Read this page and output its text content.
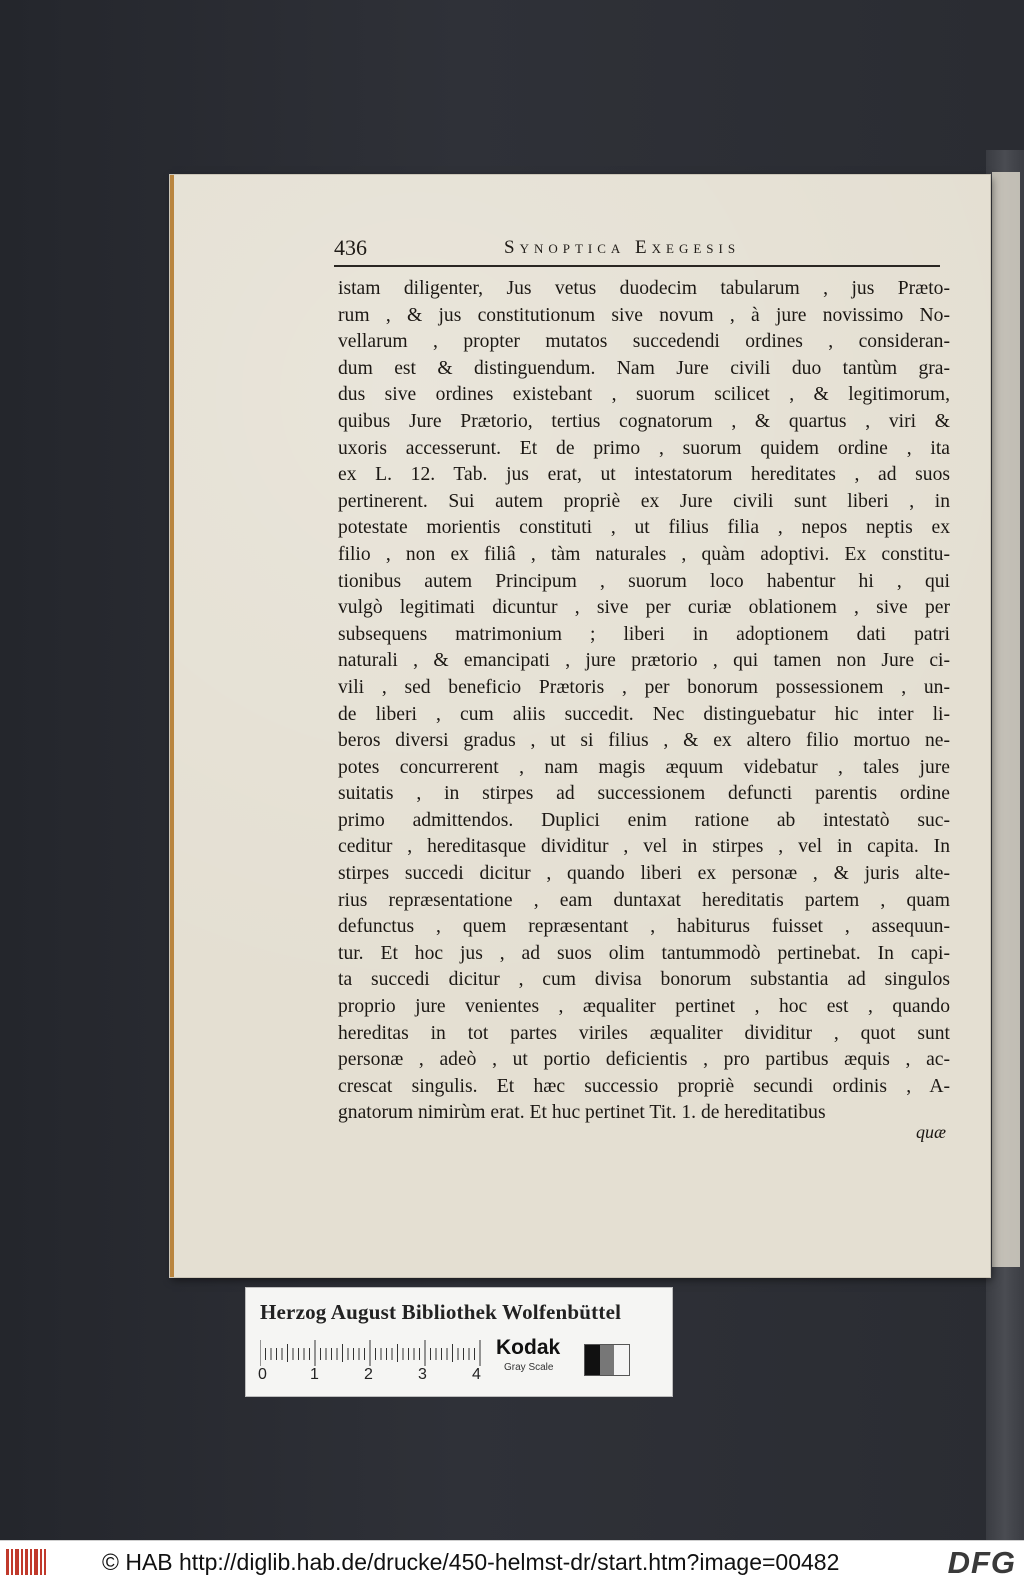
436	Synoptica Exegesis
istam diligenter, Jus vetus duodecim tabularum , jus Præto-
rum , & jus constitutionum sive novum , à jure novissimo No-
vellarum , propter mutatos succedendi ordines , consideran-
dum est & distinguendum. Nam Jure civili duo tantùm gra-
dus sive ordines existebant , suorum scilicet , & legitimorum,
quibus Jure Prætorio, tertius cognatorum , & quartus , viri &
uxoris accesserunt. Et de primo , suorum quidem ordine , ita
ex L. 12. Tab. jus erat, ut intestatorum hereditates , ad suos
pertinerent. Sui autem propriè ex Jure civili sunt liberi , in
potestate morientis constituti , ut filius filia , nepos neptis ex
filio , non ex filiâ , tàm naturales , quàm adoptivi. Ex constitu-
tionibus autem Principum , suorum loco habentur hi , qui
vulgò legitimati dicuntur , sive per curiæ oblationem , sive per
subsequens matrimonium ; liberi in adoptionem dati patri
naturali , & emancipati , jure prætorio , qui tamen non Jure ci-
vili , sed beneficio Prætoris , per bonorum possessionem , un-
de liberi , cum aliis succedit. Nec distinguebatur hic inter li-
beros diversi gradus , ut si filius , & ex altero filio mortuo ne-
potes concurrerent , nam magis æquum videbatur , tales jure
suitatis , in stirpes ad successionem defuncti parentis ordine
primo admittendos. Duplici enim ratione ab intestatò suc-
ceditur , hereditasque dividitur , vel in stirpes , vel in capita. In
stirpes succedi dicitur , quando liberi ex personæ , & juris alte-
rius repræsentatione , eam duntaxat hereditatis partem , quam
defunctus , quem repræsentant , habiturus fuisset , assequun-
tur. Et hoc jus , ad suos olim tantummodò pertinebat. In capi-
ta succedi dicitur , cum divisa bonorum substantia ad singulos
proprio jure venientes , æqualiter pertinet , hoc est , quando
hereditas in tot partes viriles æqualiter dividitur , quot sunt
personæ , adeò , ut portio deficientis , pro partibus æquis , ac-
crescat singulis. Et hæc successio propriè secundi ordinis , A-
gnatorum nimirùm erat. Et huc pertinet Tit. 1. de hereditatibus
quæ
Herzog August Bibliothek Wolfenbüttel
0	1	2	3	4
Kodak
Gray Scale
© HAB http://diglib.hab.de/drucke/450-helmst-dr/start.htm?image=00482	DFG
